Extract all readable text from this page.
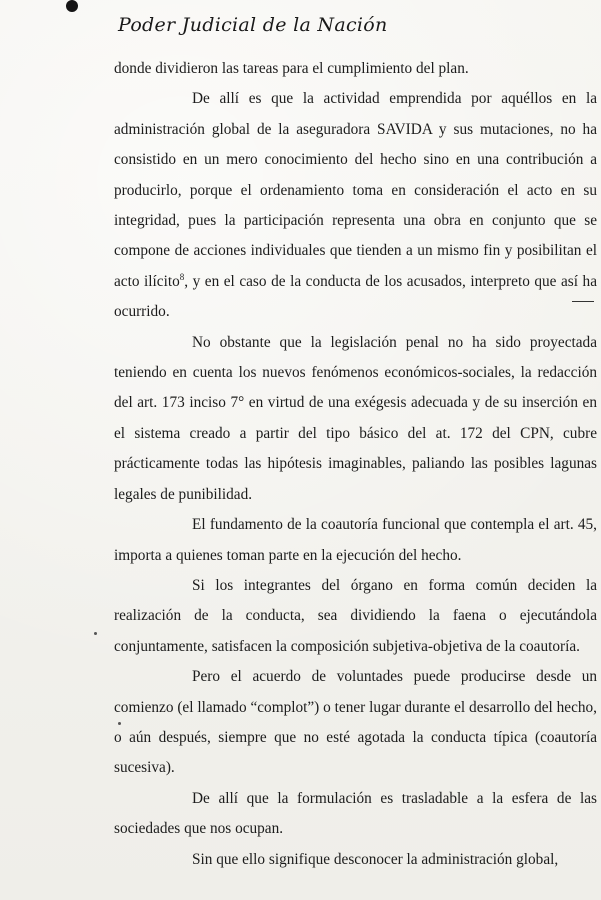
Poder Judicial de la Nación

donde dividieron las tareas para el cumplimiento del plan.

De allí es que la actividad emprendida por aquéllos en la administración global de la aseguradora SAVIDA y sus mutaciones, no ha consistido en un mero conocimiento del hecho sino en una contribución a producirlo, porque el ordenamiento toma en consideración el acto en su integridad, pues la participación representa una obra en conjunto que se compone de acciones individuales que tienden a un mismo fin y posibilitan el acto ilícito$^8$, y en el caso de la conducta de los acusados, interpreto que así ha ocurrido.

No obstante que la legislación penal no ha sido proyectada teniendo en cuenta los nuevos fenómenos económicos-sociales, la redacción del art. 173 inciso 7° en virtud de una exégesis adecuada y de su inserción en el sistema creado a partir del tipo básico del at. 172 del CPN, cubre prácticamente todas las hipótesis imaginables, paliando las posibles lagunas legales de punibilidad.

El fundamento de la coautoría funcional que contempla el art. 45, importa a quienes toman parte en la ejecución del hecho.

Si los integrantes del órgano en forma común deciden la realización de la conducta, sea dividiendo la faena o ejecutándola conjuntamente, satisfacen la composición subjetiva-objetiva de la coautoría.

Pero el acuerdo de voluntades puede producirse desde un comienzo (el llamado “complot”) o tener lugar durante el desarrollo del hecho, o aún después, siempre que no esté agotada la conducta típica (coautoría sucesiva).

De allí que la formulación es trasladable a la esfera de las sociedades que nos ocupan.

Sin que ello signifique desconocer la administración global,
